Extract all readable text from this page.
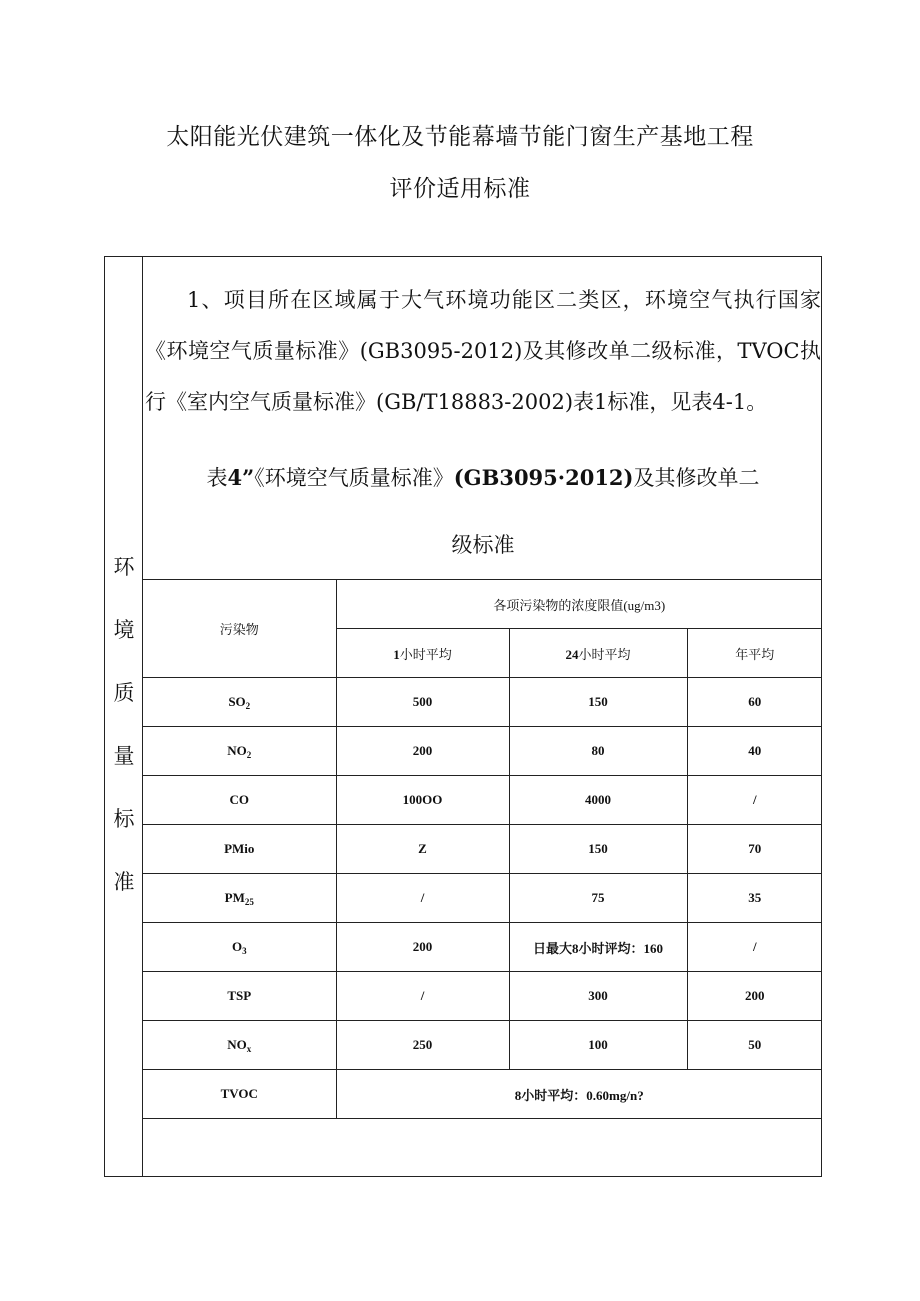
太阳能光伏建筑一体化及节能幕墙节能门窗生产基地工程
评价适用标准
环
境
质
量
标
准

1、项目所在区域属于大气环境功能区二类区，环境空气执行国家《环境空气质量标准》(GB3095-2012)及其修改单二级标准，TVOC执行《室内空气质量标准》(GB/T18883-2002)表1标准，见表4-1。

表4”《环境空气质量标准》(GB3095·2012)及其修改单二
级标准
污染物	各项污染物的浓度限值(ug/m3)		
	1小时平均	24小时平均	年平均
$SO_2$	500	150	60
$NO_2$	200	80	40
CO	100OO	4000	/
PMio	Z	150	70
$PM_{25}$	/	75	35
$O_3$	200	日最大8小时评均：160	/
TSP	/	300	200
$NO_x$	250	100	50
TVOC	8小时平均：0.60mg/n?		
